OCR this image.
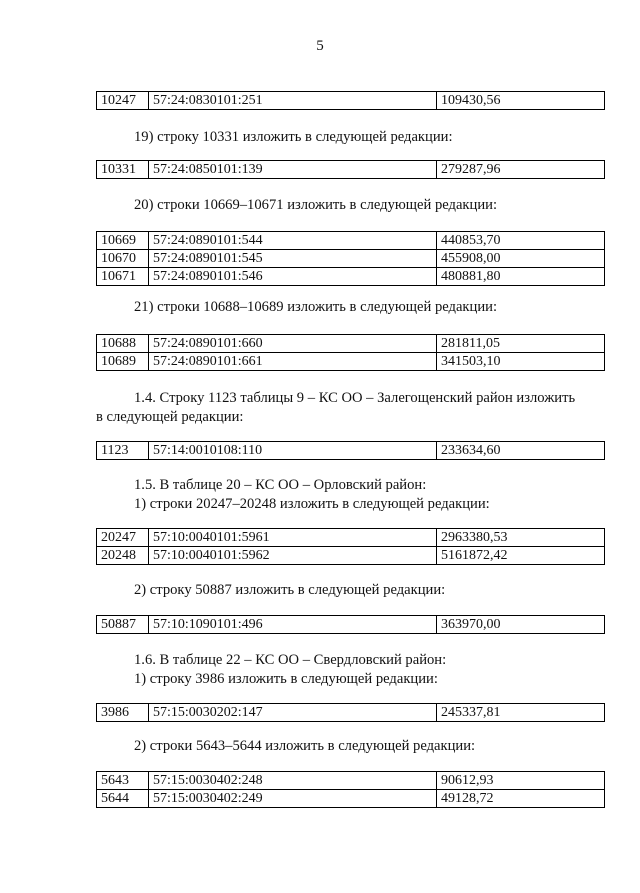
5
10247	57:24:0830101:251	109430,56
19) строку 10331 изложить в следующей редакции:
10331	57:24:0850101:139	279287,96
20) строки 10669–10671 изложить в следующей редакции:
10669	57:24:0890101:544	440853,70
10670	57:24:0890101:545	455908,00
10671	57:24:0890101:546	480881,80
21) строки 10688–10689 изложить в следующей редакции:
10688	57:24:0890101:660	281811,05
10689	57:24:0890101:661	341503,10
1.4. Строку 1123 таблицы 9 – КС ОО – Залегощенский район изложить
в следующей редакции:
1123	57:14:0010108:110	233634,60
1.5. В таблице 20 – КС ОО – Орловский район:
1) строки 20247–20248 изложить в следующей редакции:
20247	57:10:0040101:5961	2963380,53
20248	57:10:0040101:5962	5161872,42
2) строку 50887 изложить в следующей редакции:
50887	57:10:1090101:496	363970,00
1.6. В таблице 22 – КС ОО – Свердловский район:
1) строку 3986 изложить в следующей редакции:
3986	57:15:0030202:147	245337,81
2) строки 5643–5644 изложить в следующей редакции:
5643	57:15:0030402:248	90612,93
5644	57:15:0030402:249	49128,72
